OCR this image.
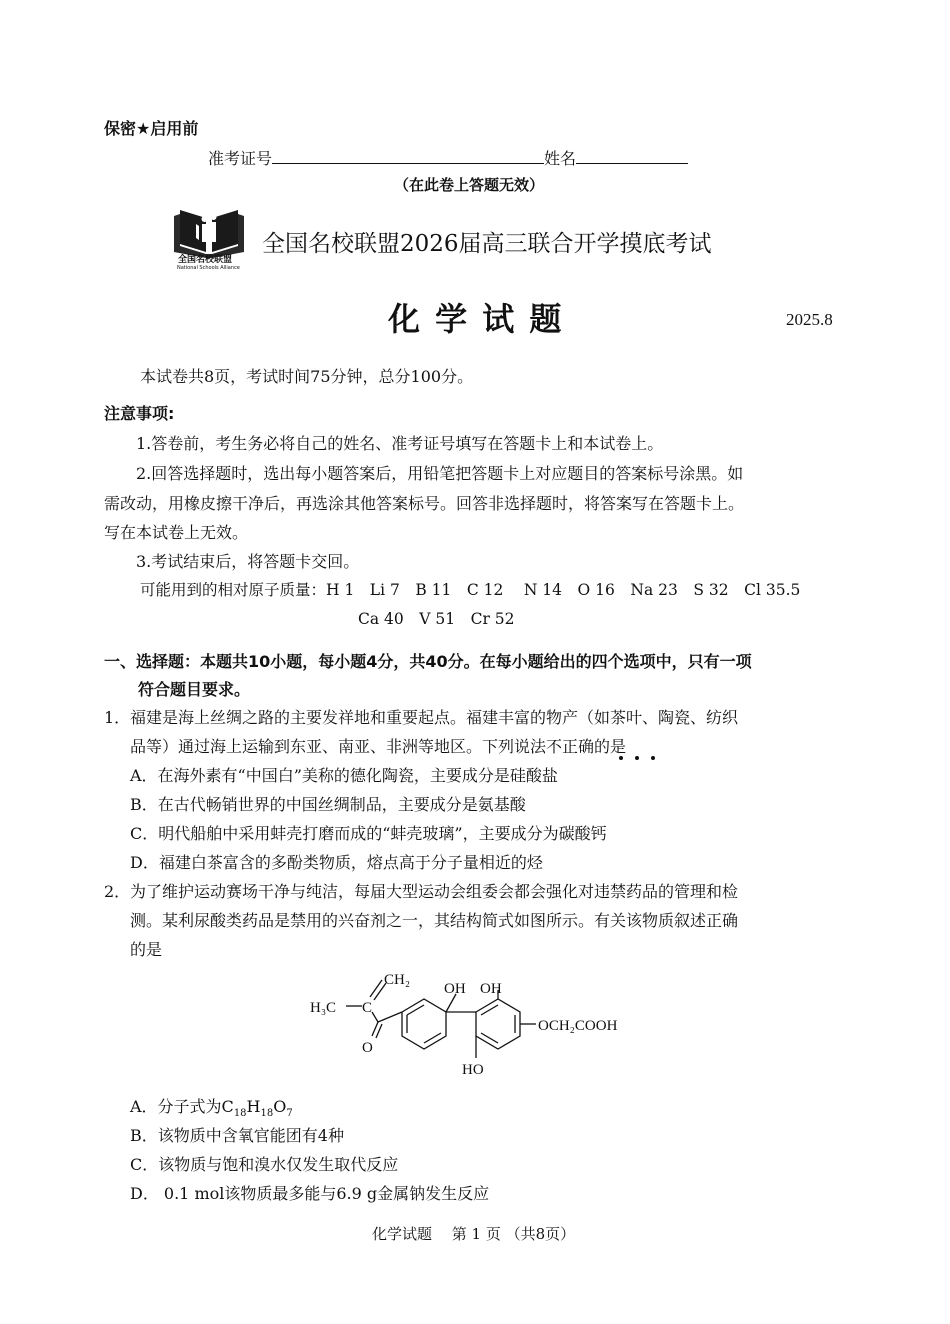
保密★启用前
准考证号	姓名
（在此卷上答题无效）
全国名校联盟
National Schools Alliance
全国名校联盟2026届高三联合开学摸底考试
化 学 试 题	2025.8
本试卷共8页，考试时间75分钟，总分100分。
注意事项:
1.答卷前，考生务必将自己的姓名、准考证号填写在答题卡上和本试卷上。
2.回答选择题时，选出每小题答案后，用铅笔把答题卡上对应题目的答案标号涂黑。如
需改动，用橡皮擦干净后，再选涂其他答案标号。回答非选择题时，将答案写在答题卡上。
写在本试卷上无效。
3.考试结束后，将答题卡交回。
可能用到的相对原子质量：H 1　Li 7　B 11　C 12　 N 14　O 16　Na 23　S 32　Cl 35.5
Ca 40　V 51　Cr 52
一、选择题：本题共10小题，每小题4分，共40分。在每小题给出的四个选项中，只有一项
符合题目要求。
1． 福建是海上丝绸之路的主要发祥地和重要起点。福建丰富的物产（如茶叶、陶瓷、纺织
品等）通过海上运输到东亚、南亚、非洲等地区。下列说法不正确的是
A．在海外素有“中国白”美称的德化陶瓷，主要成分是硅酸盐
B．在古代畅销世界的中国丝绸制品，主要成分是氨基酸
C．明代船舶中采用蚌壳打磨而成的“蚌壳玻璃”，主要成分为碳酸钙
D．福建白茶富含的多酚类物质，熔点高于分子量相近的烃
2． 为了维护运动赛场干净与纯洁，每届大型运动会组委会都会强化对违禁药品的管理和检
测。某利尿酸类药品是禁用的兴奋剂之一，其结构简式如图所示。有关该物质叙述正确
的是
CH₂
H₃C C
O
OH OH
HO
OCH₂COOH
A．分子式为$C_{18}H_{18}O_7$
B．该物质中含氧官能团有4种
C．该物质与饱和溴水仅发生取代反应
D． 0.1 mol该物质最多能与6.9 g金属钠发生反应
化学试题　 第 1 页 （共8页）
